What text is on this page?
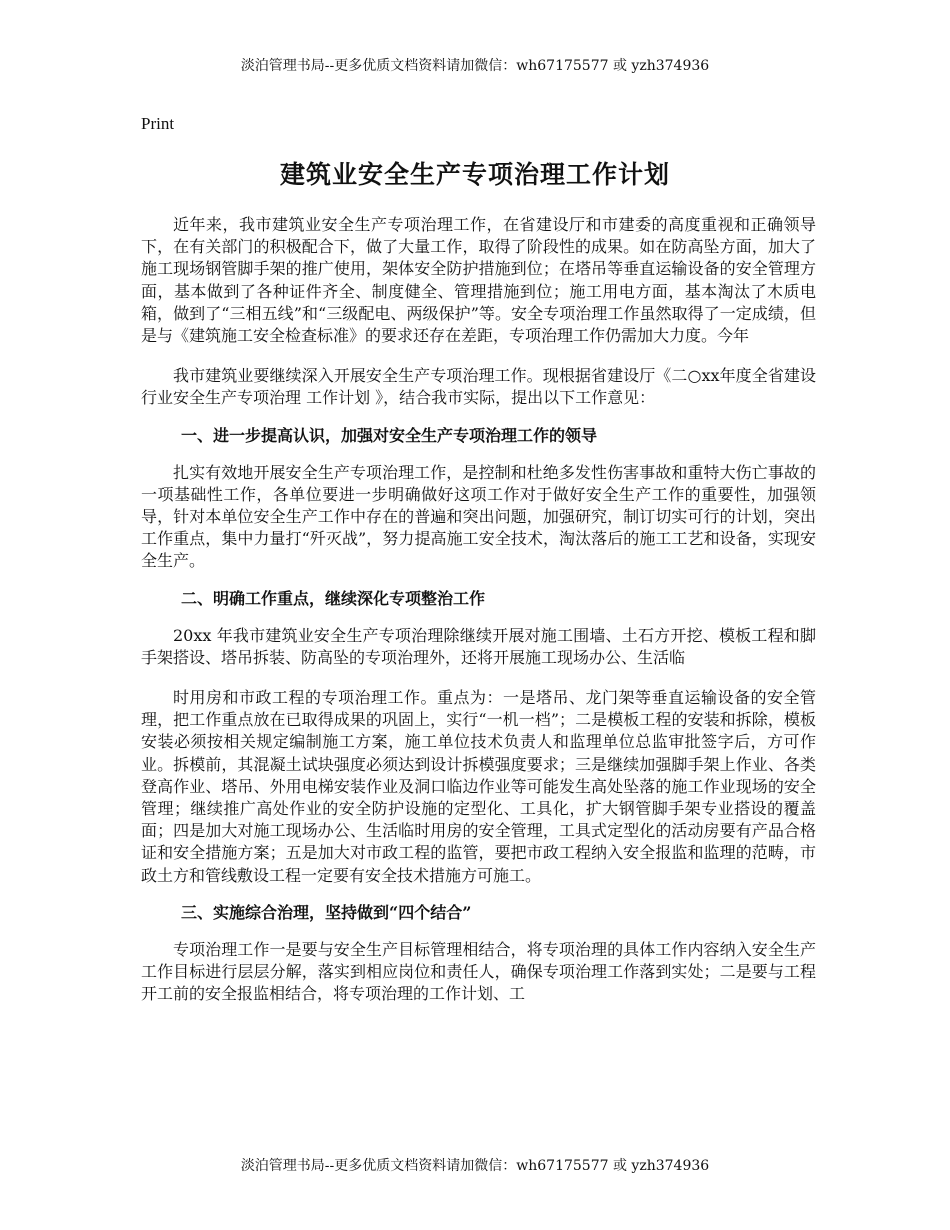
淡泊管理书局--更多优质文档资料请加微信：wh67175577 或 yzh374936
Print
建筑业安全生产专项治理工作计划

近年来，我市建筑业安全生产专项治理工作，在省建设厅和市建委的高度重视和正确领导下，在有关部门的积极配合下，做了大量工作，取得了阶段性的成果。如在防高坠方面，加大了施工现场钢管脚手架的推广使用，架体安全防护措施到位；在塔吊等垂直运输设备的安全管理方面，基本做到了各种证件齐全、制度健全、管理措施到位；施工用电方面，基本淘汰了木质电箱，做到了“三相五线”和“三级配电、两级保护”等。安全专项治理工作虽然取得了一定成绩，但是与《建筑施工安全检查标准》的要求还存在差距，专项治理工作仍需加大力度。今年

我市建筑业要继续深入开展安全生产专项治理工作。现根据省建设厅《二○xx年度全省建设行业安全生产专项治理 工作计划 》，结合我市实际，提出以下工作意见：

一、进一步提高认识，加强对安全生产专项治理工作的领导

扎实有效地开展安全生产专项治理工作，是控制和杜绝多发性伤害事故和重特大伤亡事故的一项基础性工作，各单位要进一步明确做好这项工作对于做好安全生产工作的重要性，加强领导，针对本单位安全生产工作中存在的普遍和突出问题，加强研究，制订切实可行的计划，突出工作重点，集中力量打“歼灭战”，努力提高施工安全技术，淘汰落后的施工工艺和设备，实现安全生产。

二、明确工作重点，继续深化专项整治工作

20xx 年我市建筑业安全生产专项治理除继续开展对施工围墙、土石方开挖、模板工程和脚手架搭设、塔吊拆装、防高坠的专项治理外，还将开展施工现场办公、生活临

时用房和市政工程的专项治理工作。重点为：一是塔吊、龙门架等垂直运输设备的安全管理，把工作重点放在已取得成果的巩固上，实行“一机一档”；二是模板工程的安装和拆除，模板安装必须按相关规定编制施工方案，施工单位技术负责人和监理单位总监审批签字后，方可作业。拆模前，其混凝土试块强度必须达到设计拆模强度要求；三是继续加强脚手架上作业、各类登高作业、塔吊、外用电梯安装作业及洞口临边作业等可能发生高处坠落的施工作业现场的安全管理；继续推广高处作业的安全防护设施的定型化、工具化，扩大钢管脚手架专业搭设的覆盖面；四是加大对施工现场办公、生活临时用房的安全管理，工具式定型化的活动房要有产品合格证和安全措施方案；五是加大对市政工程的监管，要把市政工程纳入安全报监和监理的范畴，市政土方和管线敷设工程一定要有安全技术措施方可施工。

三、实施综合治理，坚持做到“四个结合”

专项治理工作一是要与安全生产目标管理相结合，将专项治理的具体工作内容纳入安全生产工作目标进行层层分解，落实到相应岗位和责任人，确保专项治理工作落到实处；二是要与工程开工前的安全报监相结合，将专项治理的工作计划、工

淡泊管理书局--更多优质文档资料请加微信：wh67175577 或 yzh374936
